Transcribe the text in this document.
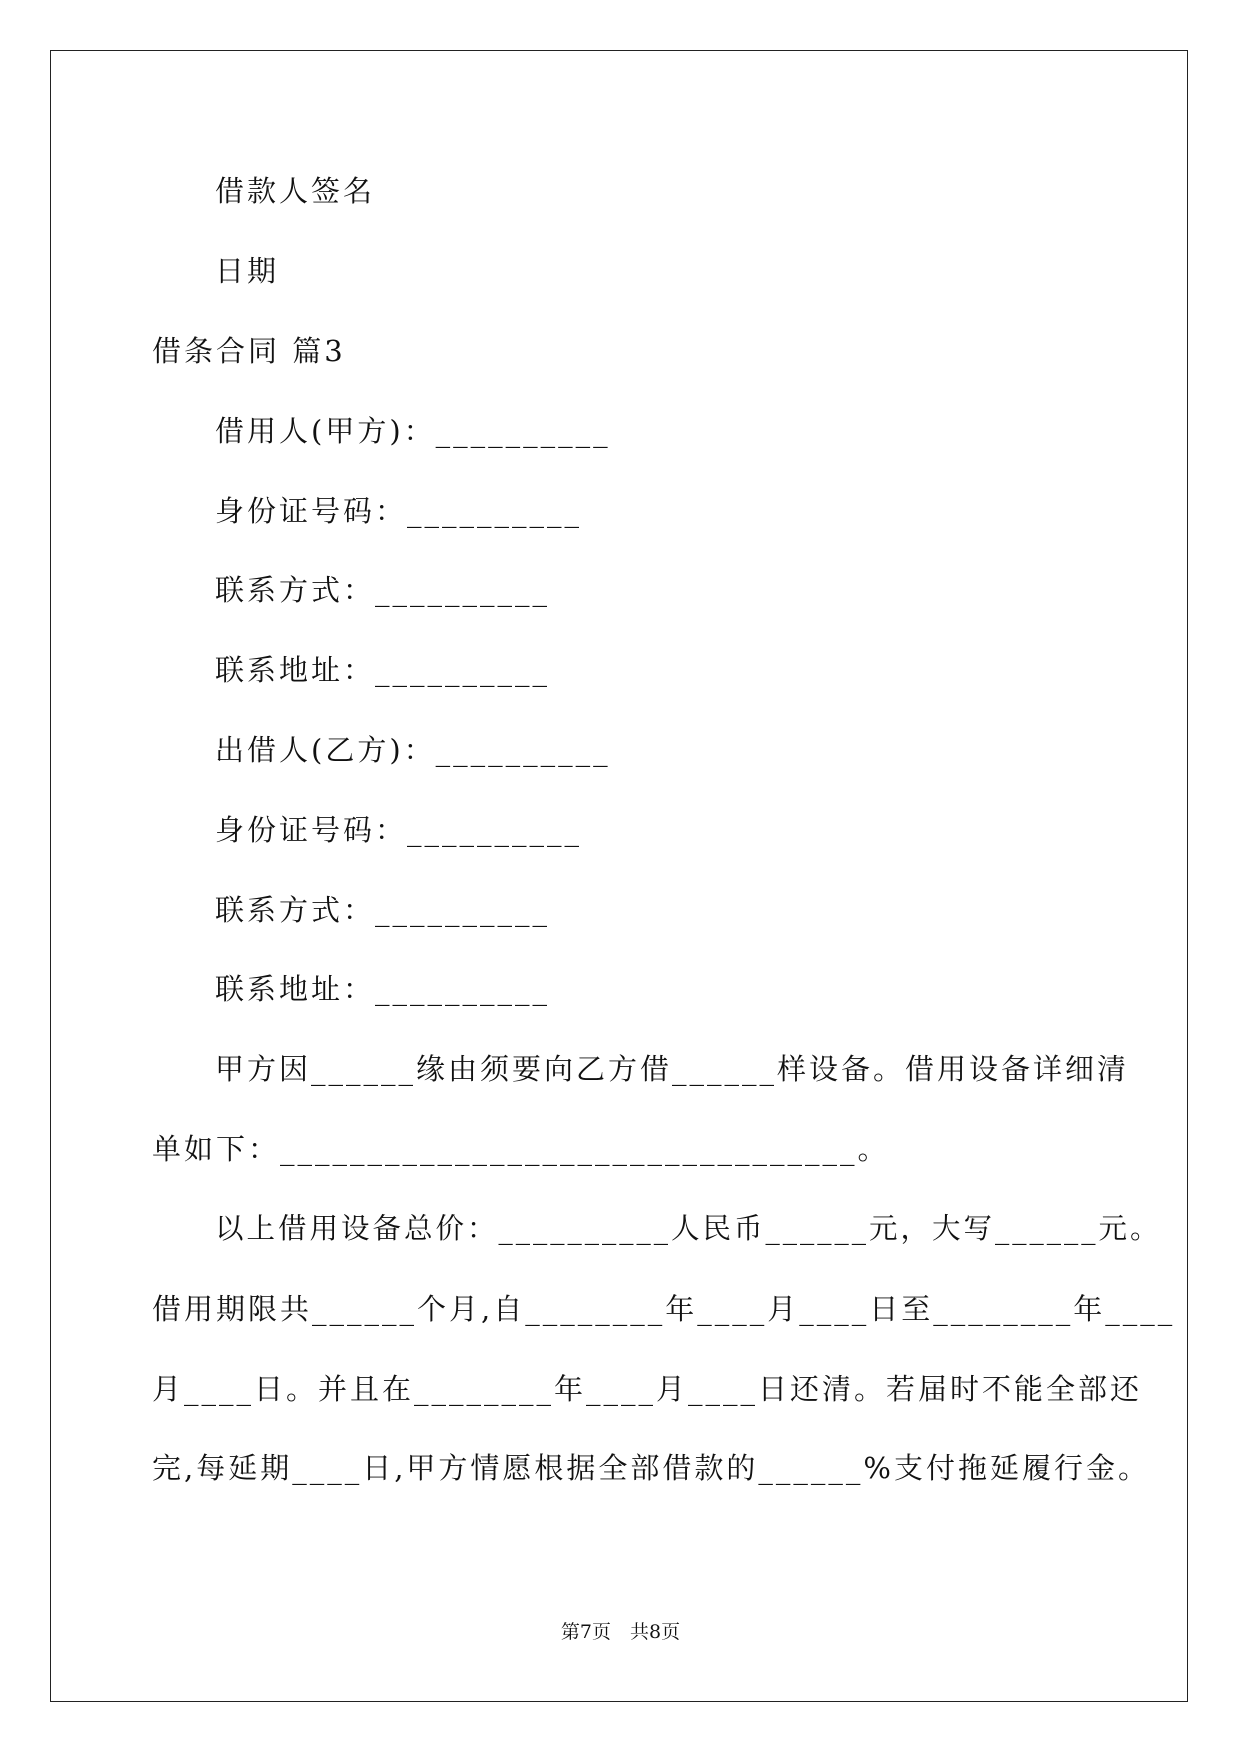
借款人签名
日期
借条合同 篇3
借用人(甲方)：__________
身份证号码：__________
联系方式：__________
联系地址：__________
出借人(乙方)：__________
身份证号码：__________
联系方式：__________
联系地址：__________
甲方因______缘由须要向乙方借______样设备。借用设备详细清
单如下：_________________________________。
以上借用设备总价：__________人民币______元，大写______元。
借用期限共______个月,自________年____月____日至________年____
月____日。并且在________年____月____日还清。若届时不能全部还
完,每延期____日,甲方情愿根据全部借款的______%支付拖延履行金。
第7页　共8页
